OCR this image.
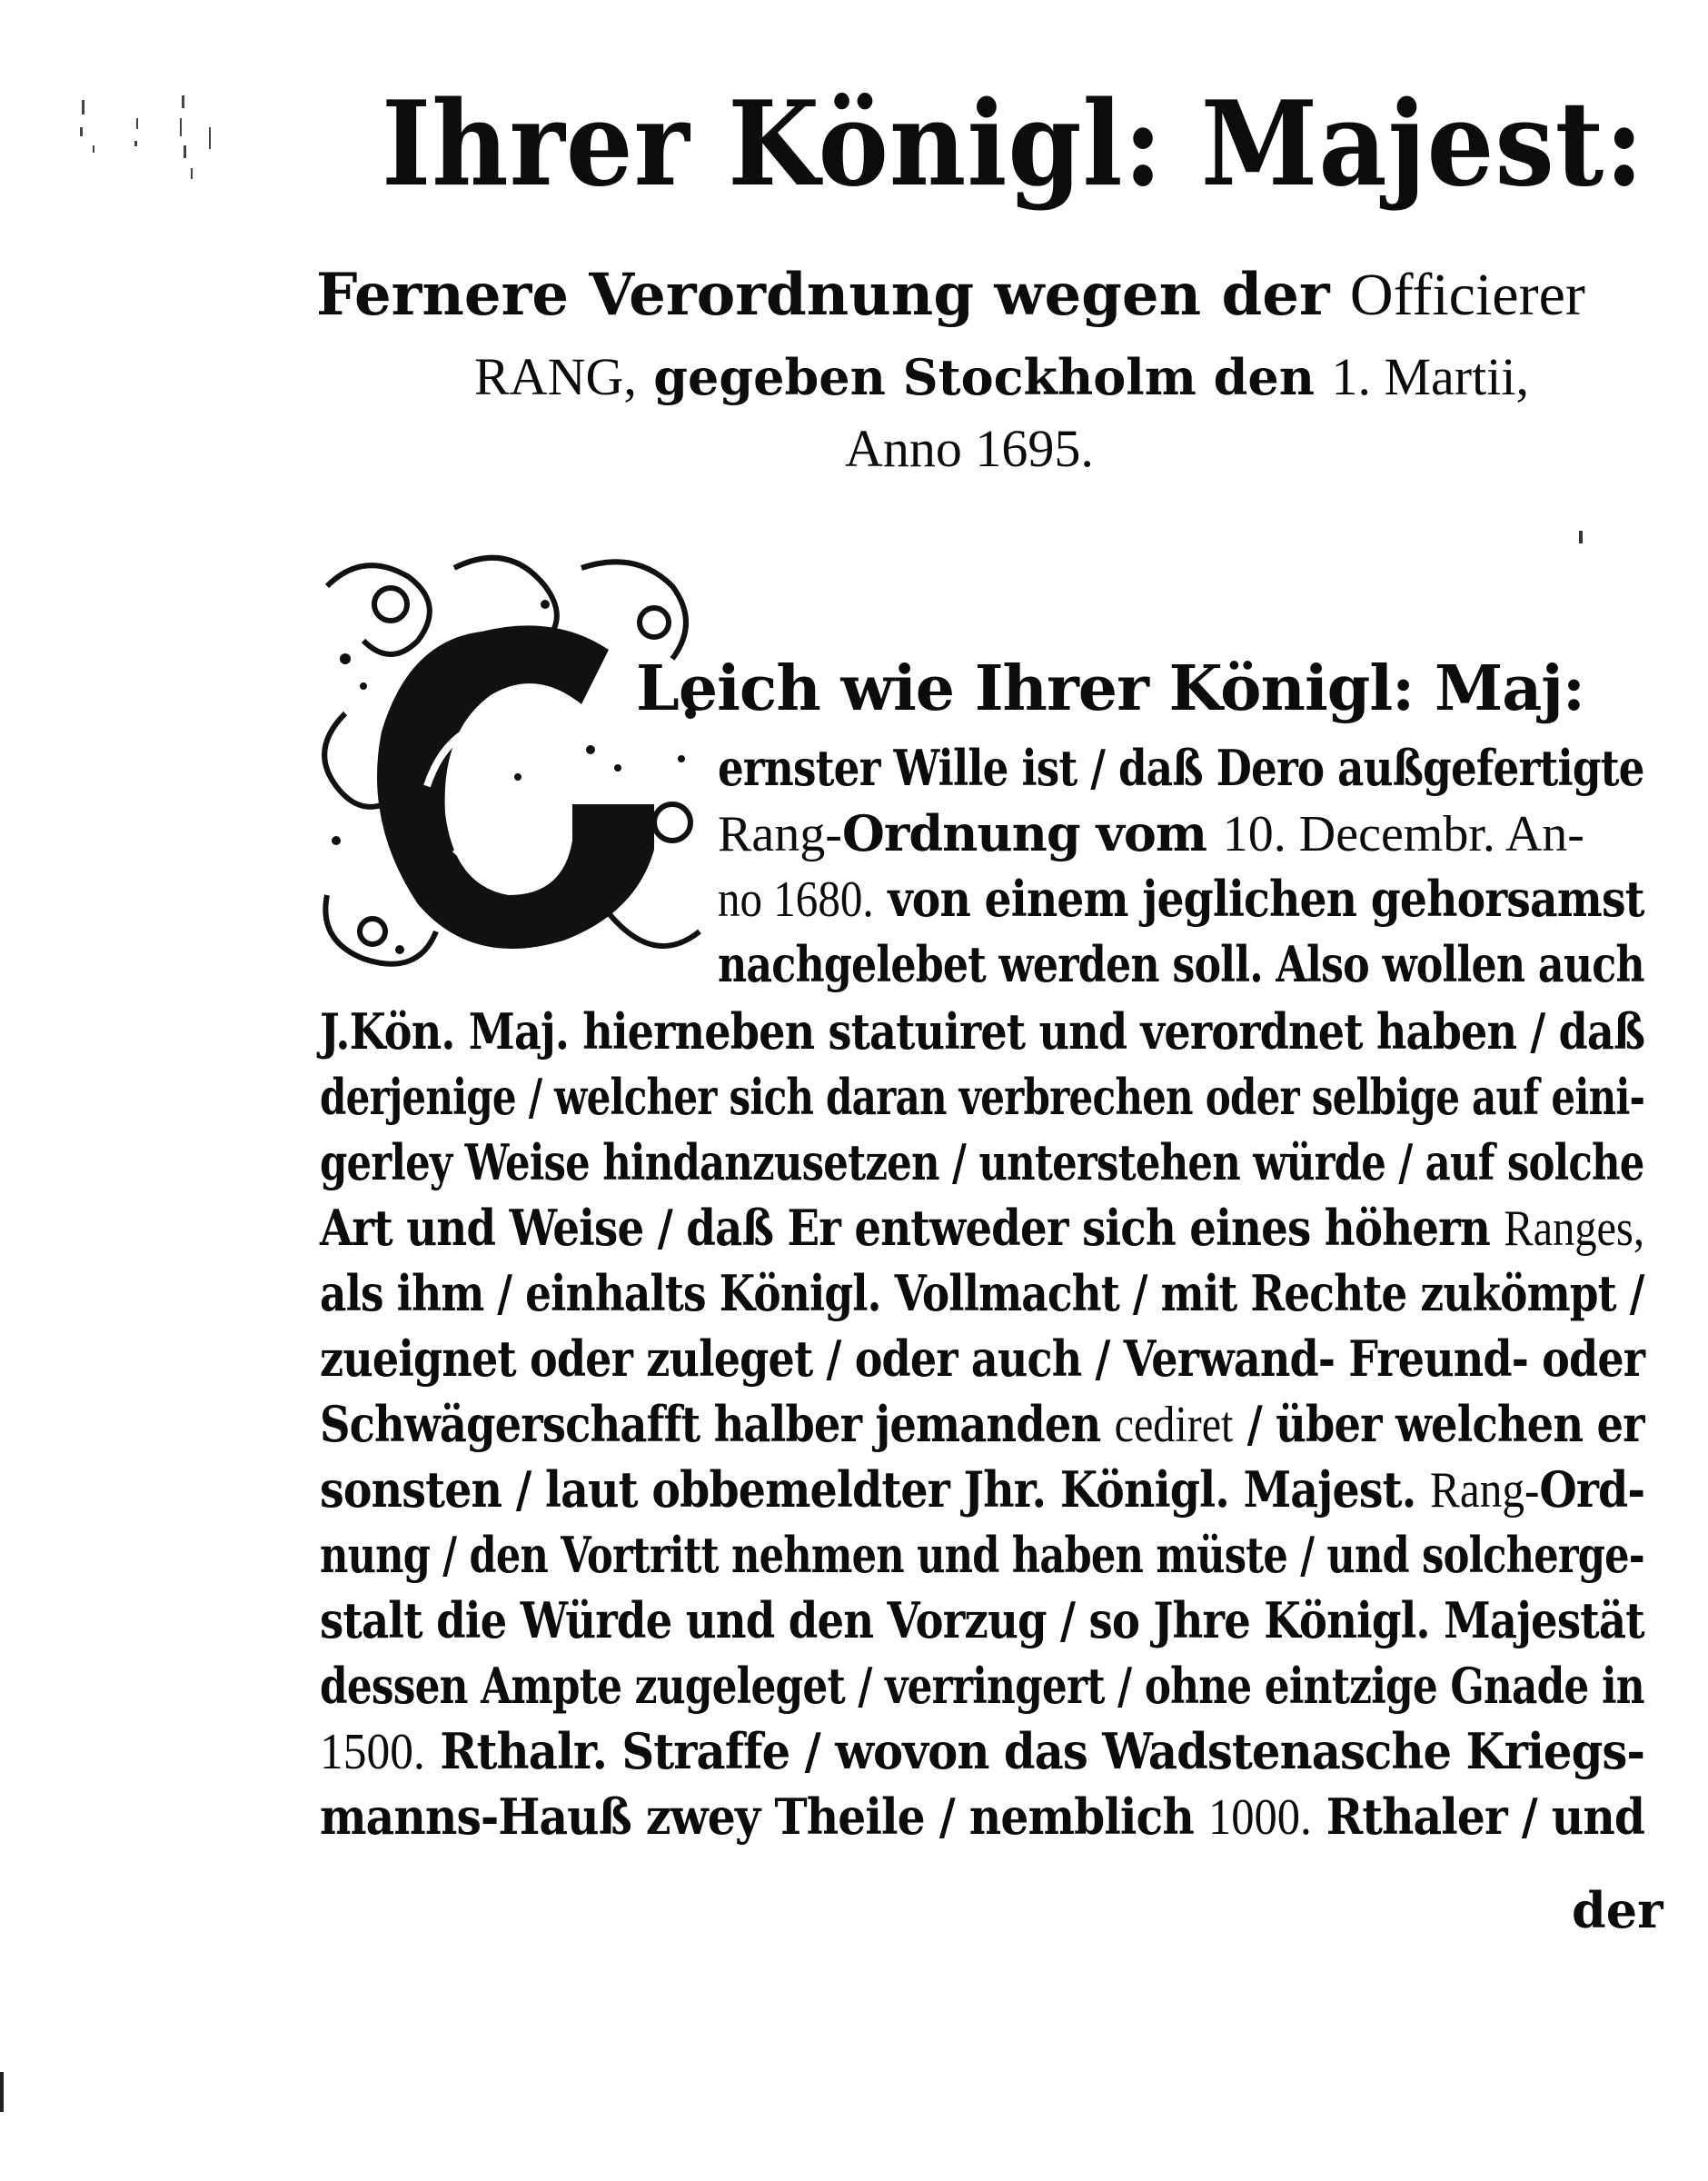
Ihrer Königl: Majest:
Fernere Verordnung wegen der Officierer
RANG, gegeben Stockholm den 1. Martii,
Anno 1695.
Leich wie Ihrer Königl: Maj:
ernster Wille ist / daß Dero außgefertigte
Rang-Ordnung vom 10. Decembr. An-
no 1680. von einem jeglichen gehorsamst
nachgelebet werden soll. Also wollen auch
J.Kön. Maj. hierneben statuiret und verordnet haben / daß
derjenige / welcher sich daran verbrechen oder selbige auf eini-
gerley Weise hindanzusetzen / unterstehen würde / auf solche
Art und Weise / daß Er entweder sich eines höhern Ranges,
als ihm / einhalts Königl. Vollmacht / mit Rechte zukömpt /
zueignet oder zuleget / oder auch / Verwand- Freund- oder
Schwägerschafft halber jemanden cediret / über welchen er
sonsten / laut obbemeldter Jhr. Königl. Majest. Rang-Ord-
nung / den Vortritt nehmen und haben müste / und solcherge-
stalt die Würde und den Vorzug / so Jhre Königl. Majestät
dessen Ampte zugeleget / verringert / ohne eintzige Gnade in
1500. Rthalr. Straffe / wovon das Wadstenasche Kriegs-
manns-Hauß zwey Theile / nemblich 1000. Rthaler / und
der
